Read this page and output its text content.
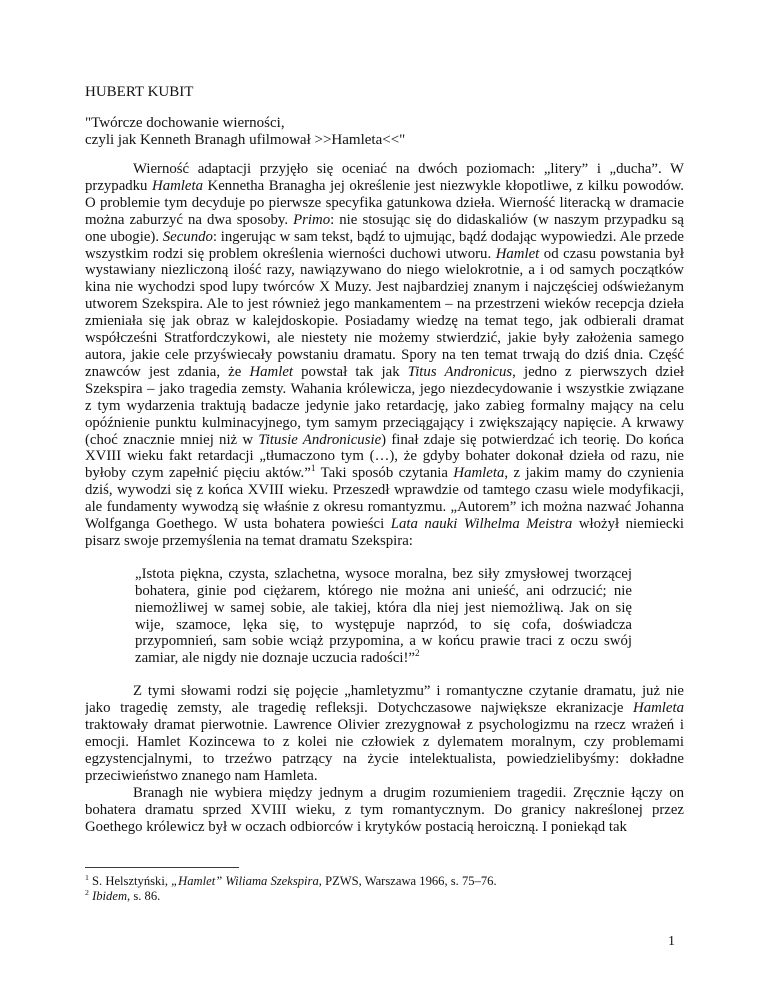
HUBERT KUBIT
"Twórcze dochowanie wierności,
czyli jak Kenneth Branagh ufilmował >>Hamleta<<"

Wierność adaptacji przyjęło się oceniać na dwóch poziomach: „litery” i „ducha”. W przypadku Hamleta Kennetha Branagha jej określenie jest niezwykle kłopotliwe, z kilku powodów. O problemie tym decyduje po pierwsze specyfika gatunkowa dzieła. Wierność literacką w dramacie można zaburzyć na dwa sposoby. Primo: nie stosując się do didaskaliów (w naszym przypadku są one ubogie). Secundo: ingerując w sam tekst, bądź to ujmując, bądź dodając wypowiedzi. Ale przede wszystkim rodzi się problem określenia wierności duchowi utworu. Hamlet od czasu powstania był wystawiany niezliczoną ilość razy, nawiązywano do niego wielokrotnie, a i od samych początków kina nie wychodzi spod lupy twórców X Muzy. Jest najbardziej znanym i najczęściej odświeżanym utworem Szekspira. Ale to jest również jego mankamentem – na przestrzeni wieków recepcja dzieła zmieniała się jak obraz w kalejdoskopie. Posiadamy wiedzę na temat tego, jak odbierali dramat współcześni Stratfordczykowi, ale niestety nie możemy stwierdzić, jakie były założenia samego autora, jakie cele przyświecały powstaniu dramatu. Spory na ten temat trwają do dziś dnia. Część znawców jest zdania, że Hamlet powstał tak jak Titus Andronicus, jedno z pierwszych dzieł Szekspira – jako tragedia zemsty. Wahania królewicza, jego niezdecydowanie i wszystkie związane z tym wydarzenia traktują badacze jedynie jako retardację, jako zabieg formalny mający na celu opóźnienie punktu kulminacyjnego, tym samym przeciągający i zwiększający napięcie. A krwawy (choć znacznie mniej niż w Titusie Andronicusie) finał zdaje się potwierdzać ich teorię. Do końca XVIII wieku fakt retardacji „tłumaczono tym (…), że gdyby bohater dokonał dzieła od razu, nie byłoby czym zapełnić pięciu aktów.”$^1$ Taki sposób czytania Hamleta, z jakim mamy do czynienia dziś, wywodzi się z końca XVIII wieku. Przeszedł wprawdzie od tamtego czasu wiele modyfikacji, ale fundamenty wywodzą się właśnie z okresu romantyzmu. „Autorem” ich można nazwać Johanna Wolfganga Goethego. W usta bohatera powieści Lata nauki Wilhelma Meistra włożył niemiecki pisarz swoje przemyślenia na temat dramatu Szekspira:

„Istota piękna, czysta, szlachetna, wysoce moralna, bez siły zmysłowej tworzącej bohatera, ginie pod ciężarem, którego nie można ani unieść, ani odrzucić; nie niemożliwej w samej sobie, ale takiej, która dla niej jest niemożliwą. Jak on się wije, szamoce, lęka się, to występuje naprzód, to się cofa, doświadcza przypomnień, sam sobie wciąż przypomina, a w końcu prawie traci z oczu swój zamiar, ale nigdy nie doznaje uczucia radości!”$^2$

Z tymi słowami rodzi się pojęcie „hamletyzmu” i romantyczne czytanie dramatu, już nie jako tragedię zemsty, ale tragedię refleksji. Dotychczasowe największe ekranizacje Hamleta traktowały dramat pierwotnie. Lawrence Olivier zrezygnował z psychologizmu na rzecz wrażeń i emocji. Hamlet Kozincewa to z kolei nie człowiek z dylematem moralnym, czy problemami egzystencjalnymi, to trzeźwo patrzący na życie intelektualista, powiedzielibyśmy: dokładne przeciwieństwo znanego nam Hamleta.

Branagh nie wybiera między jednym a drugim rozumieniem tragedii. Zręcznie łączy on bohatera dramatu sprzed XVIII wieku, z tym romantycznym. Do granicy nakreślonej przez Goethego królewicz był w oczach odbiorców i krytyków postacią heroiczną. I poniekąd tak

$^1$ S. Helsztyński, „Hamlet” Wiliama Szekspira, PZWS, Warszawa 1966, s. 75–76.
$^2$ Ibidem, s. 86.
1
